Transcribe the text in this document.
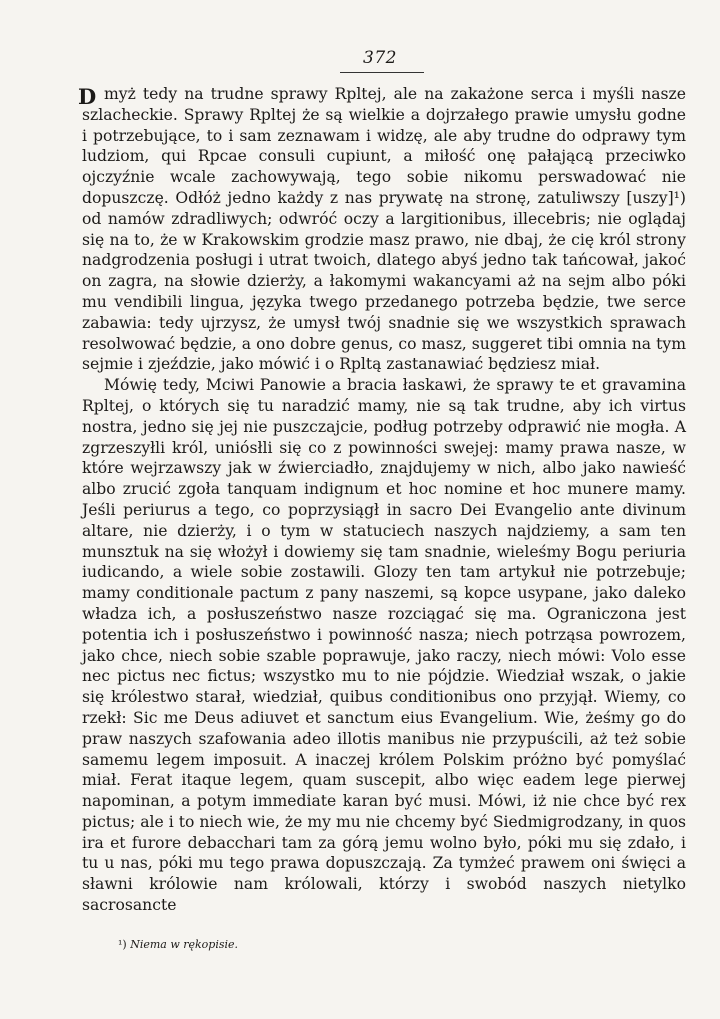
372
D myż tedy na trudne sprawy Rpltej, ale na zakażone serca i myśli nasze szlacheckie. Sprawy Rpltej że są wielkie a dojrzałego prawie umysłu godne i potrzebujące, to i sam zeznawam i widzę, ale aby trudne do odprawy tym ludziom, qui Rpcae consuli cupiunt, a miłość onę pałającą przeciwko ojczyźnie wcale zachowywają, tego sobie nikomu perswadować nie dopuszczę. Odłóż jedno każdy z nas prywatę na stronę, zatuliwszy [uszy]¹) od namów zdradliwych; odwróć oczy a largitionibus, illecebris; nie oglądaj się na to, że w Krakowskim grodzie masz prawo, nie dbaj, że cię król strony nadgrodzenia posługi i utrat twoich, dlatego abyś jedno tak tańcował, jakoć on zagra, na słowie dzierży, a łakomymi wakancyami aż na sejm albo póki mu vendibili lingua, języka twego przedanego potrzeba będzie, twe serce zabawia: tedy ujrzysz, że umysł twój snadnie się we wszystkich sprawach resolwować będzie, a ono dobre genus, co masz, suggeret tibi omnia na tym sejmie i zjeździe, jako mówić i o Rpltą zastanawiać będziesz miał.

Mówię tedy, Mciwi Panowie a bracia łaskawi, że sprawy te et gravamina Rpltej, o których się tu naradzić mamy, nie są tak trudne, aby ich virtus nostra, jedno się jej nie puszczajcie, podług potrzeby odprawić nie mogła. A zgrzeszyłli król, uniósłli się co z powinności swejej: mamy prawa nasze, w które wejrzawszy jak w źwierciadło, znajdujemy w nich, albo jako nawieść albo zrucić zgoła tanquam indignum et hoc nomine et hoc munere mamy. Jeśli periurus a tego, co poprzysiągł in sacro Dei Evangelio ante divinum altare, nie dzierży, i o tym w statuciech naszych najdziemy, a sam ten munsztuk na się włożył i dowiemy się tam snadnie, wieleśmy Bogu periuria iudicando, a wiele sobie zostawili. Glozy ten tam artykuł nie potrzebuje; mamy conditionale pactum z pany naszemi, są kopce usypane, jako daleko władza ich, a posłuszeństwo nasze rozciągać się ma. Ograniczona jest potentia ich i posłuszeństwo i powinność nasza; niech potrząsa powrozem, jako chce, niech sobie szable poprawuje, jako raczy, niech mówi: Volo esse nec pictus nec fictus; wszystko mu to nie pójdzie. Wiedział wszak, o jakie się królestwo starał, wiedział, quibus conditionibus ono przyjął. Wiemy, co rzekł: Sic me Deus adiuvet et sanctum eius Evangelium. Wie, żeśmy go do praw naszych szafowania adeo illotis manibus nie przypuścili, aż też sobie samemu legem imposuit. A inaczej królem Polskim próżno być pomyślać miał. Ferat itaque legem, quam suscepit, albo więc eadem lege pierwej napominan, a potym immediate karan być musi. Mówi, iż nie chce być rex pictus; ale i to niech wie, że my mu nie chcemy być Siedmigrodzany, in quos ira et furore debacchari tam za górą jemu wolno było, póki mu się zdało, i tu u nas, póki mu tego prawa dopuszczają. Za tymżeć prawem oni święci a sławni królowie nam królowali, którzy i swobód naszych nietylko sacrosancte

¹) Niema w rękopisie.
